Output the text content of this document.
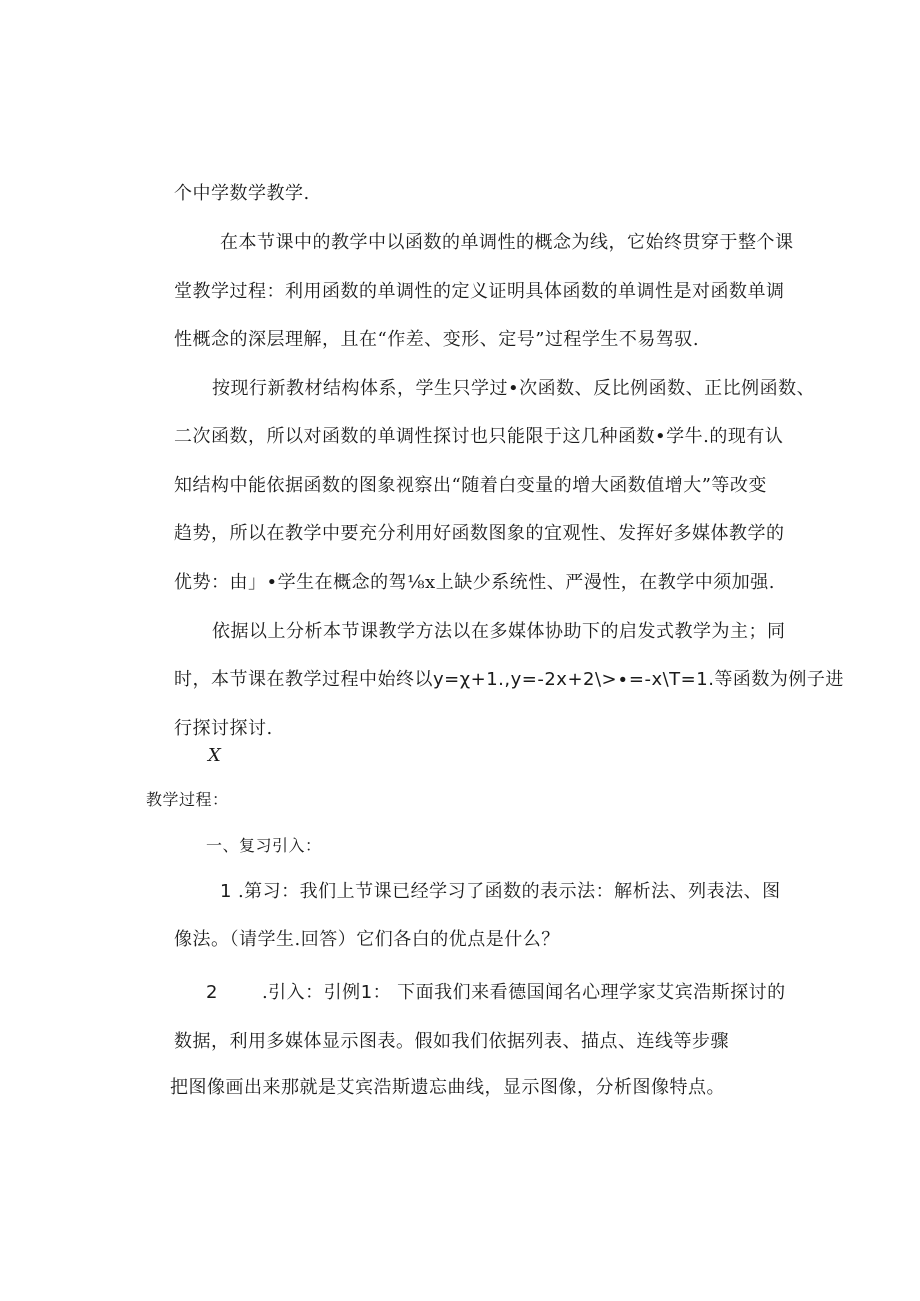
个中学数学教学.
在本节课中的教学中以函数的单调性的概念为线，它始终贯穿于整个课
堂教学过程：利用函数的单调性的定义证明具体函数的单调性是对函数单调
性概念的深层理解，且在“作差、变形、定号”过程学生不易驾驭.
按现行新教材结构体系，学生只学过•次函数、反比例函数、正比例函数、
二次函数，所以对函数的单调性探讨也只能限于这几种函数•学牛.的现有认
知结构中能依据函数的图象视察出“随着白变量的增大函数值增大”等改变
趋势，所以在教学中要充分利用好函数图象的宜观性、发挥好多媒体教学的
优势：由」•学生在概念的驾⅛x上缺少系统性、严漫性，在教学中须加强.
依据以上分析本节课教学方法以在多媒体协助下的启发式教学为主；同
时，本节课在教学过程中始终以y=χ+1.,y=-2x+2\>∙=-x\T=1.等函数为例子进
行探讨探讨.
X
教学过程：
一、复习引入：
1 .第习：我们上节课已经学习了函数的表示法：解析法、列表法、图
像法。（请学生.回答）它们各白的优点是什么？
2 .引入：引例1： 下面我们来看德国闻名心理学家艾宾浩斯探讨的
数据，利用多媒体显示图表。假如我们依据列表、描点、连线等步骤
把图像画出来那就是艾宾浩斯遗忘曲线，显示图像，分析图像特点。
